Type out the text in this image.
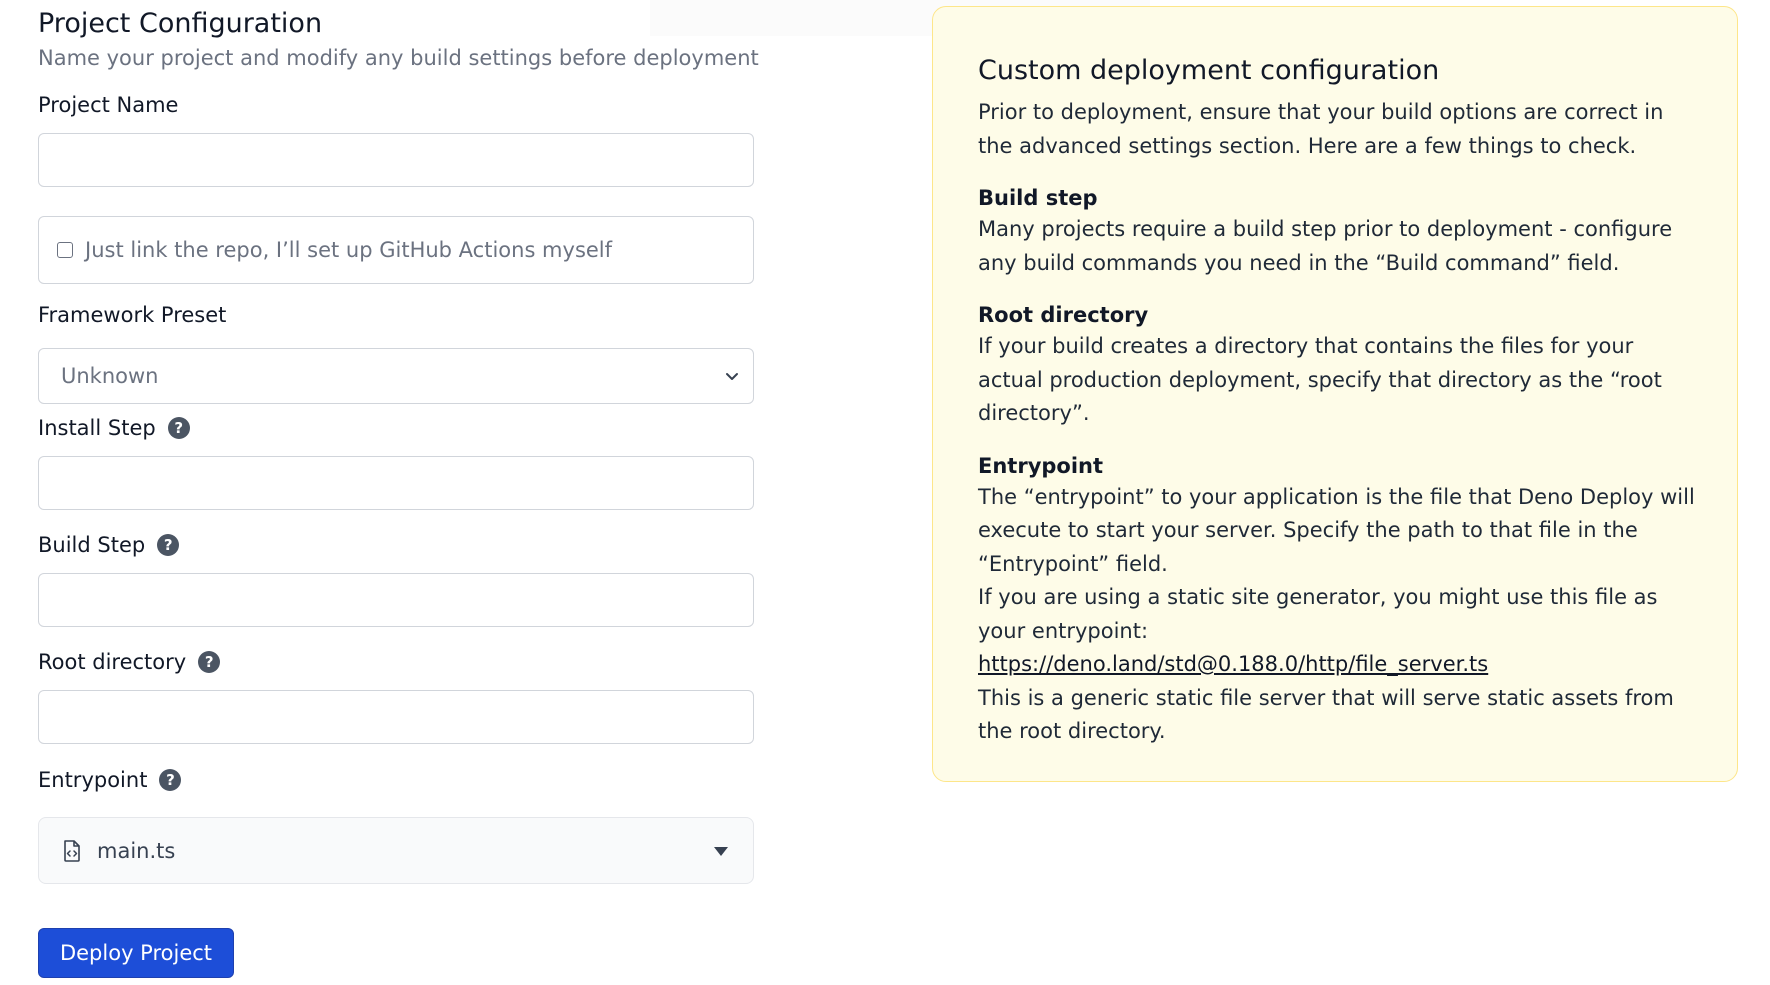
Project Configuration

Name your project and modify any build settings before deployment

Project Name
Just link the repo, I’ll set up GitHub Actions myself
Framework Preset
Unknown
Install Step	?
Build Step	?
Root directory	?
Entrypoint	?
main.ts
Deploy Project
Custom deployment configuration

Prior to deployment, ensure that your build options are correct in the advanced settings section. Here are a few things to check.

Build step

Many projects require a build step prior to deployment - configure any build commands you need in the “Build command” field.

Root directory

If your build creates a directory that contains the files for your actual production deployment, specify that directory as the “root directory”.

Entrypoint

The “entrypoint” to your application is the file that Deno Deploy will execute to start your server. Specify the path to that file in the “Entrypoint” field.

If you are using a static site generator, you might use this file as your entrypoint:

https://deno.land/std@0.188.0/http/file_server.ts

This is a generic static file server that will serve static assets from the root directory.
